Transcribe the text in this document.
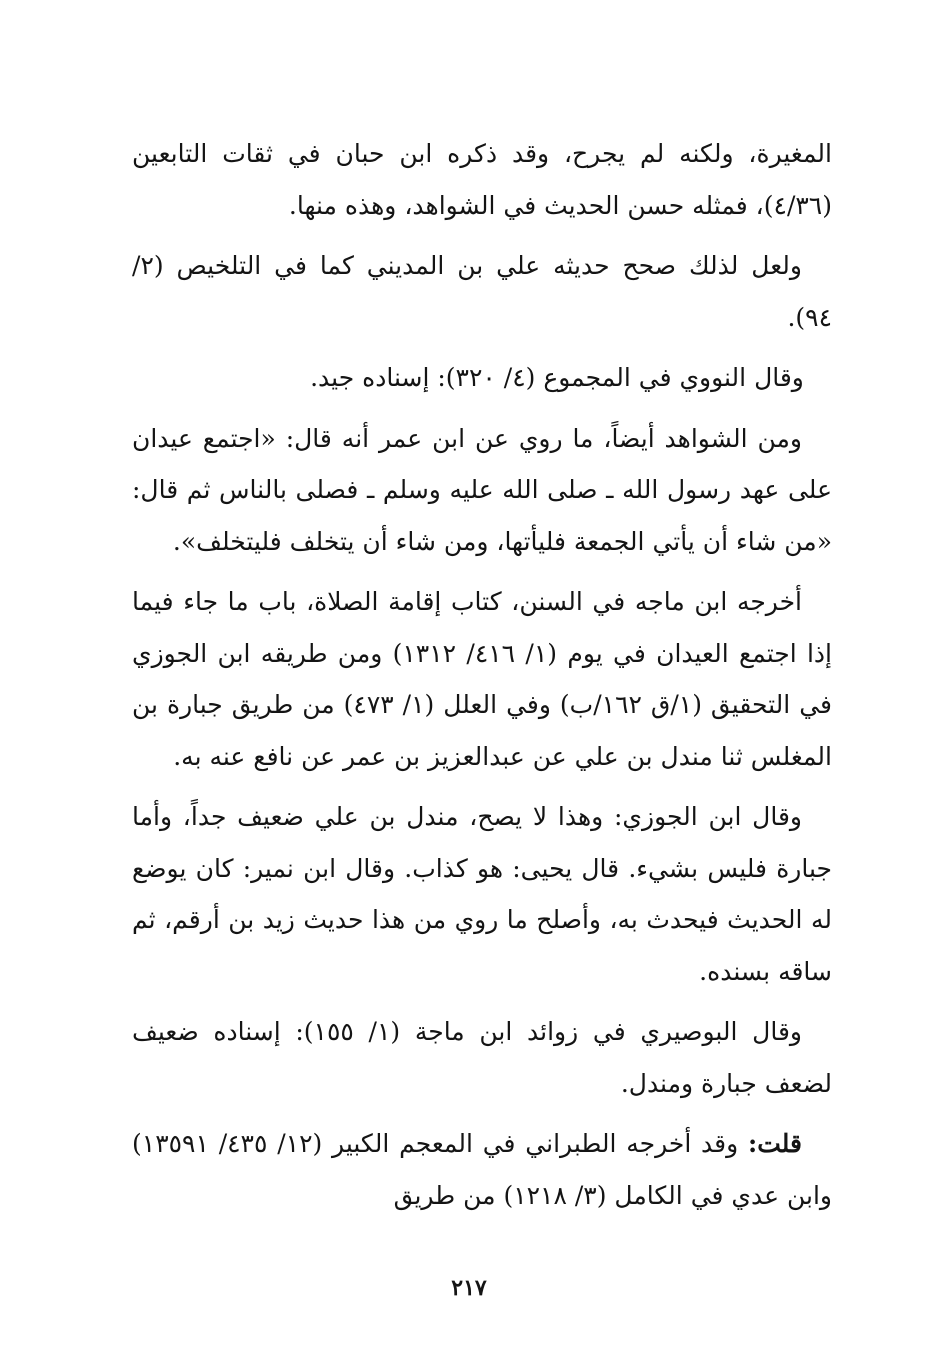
المغيرة، ولكنه لم يجرح، وقد ذكره ابن حبان في ثقات التابعين (٤/٣٦)، فمثله حسن الحديث في الشواهد، وهذه منها.

ولعل لذلك صحح حديثه علي بن المديني كما في التلخيص (٢/ ٩٤).

وقال النووي في المجموع (٤/ ٣٢٠): إسناده جيد.

ومن الشواهد أيضاً، ما روي عن ابن عمر أنه قال: «اجتمع عيدان على عهد رسول الله ـ صلى الله عليه وسلم ـ فصلى بالناس ثم قال: «من شاء أن يأتي الجمعة فليأتها، ومن شاء أن يتخلف فليتخلف».

أخرجه ابن ماجه في السنن، كتاب إقامة الصلاة، باب ما جاء فيما إذا اجتمع العيدان في يوم (١/ ٤١٦/ ١٣١٢) ومن طريقه ابن الجوزي في التحقيق (١/ق ١٦٢/ب) وفي العلل (١/ ٤٧٣) من طريق جبارة بن المغلس ثنا مندل بن علي عن عبدالعزيز بن عمر عن نافع عنه به.

وقال ابن الجوزي: وهذا لا يصح، مندل بن علي ضعيف جداً، وأما جبارة فليس بشيء. قال يحيى: هو كذاب. وقال ابن نمير: كان يوضع له الحديث فيحدث به، وأصلح ما روي من هذا حديث زيد بن أرقم، ثم ساقه بسنده.

وقال البوصيري في زوائد ابن ماجة (١/ ١٥٥): إسناده ضعيف لضعف جبارة ومندل.

قلت: وقد أخرجه الطبراني في المعجم الكبير (١٢/ ٤٣٥/ ١٣٥٩١) وابن عدي في الكامل (٣/ ١٢١٨) من طريق

٢١٧
